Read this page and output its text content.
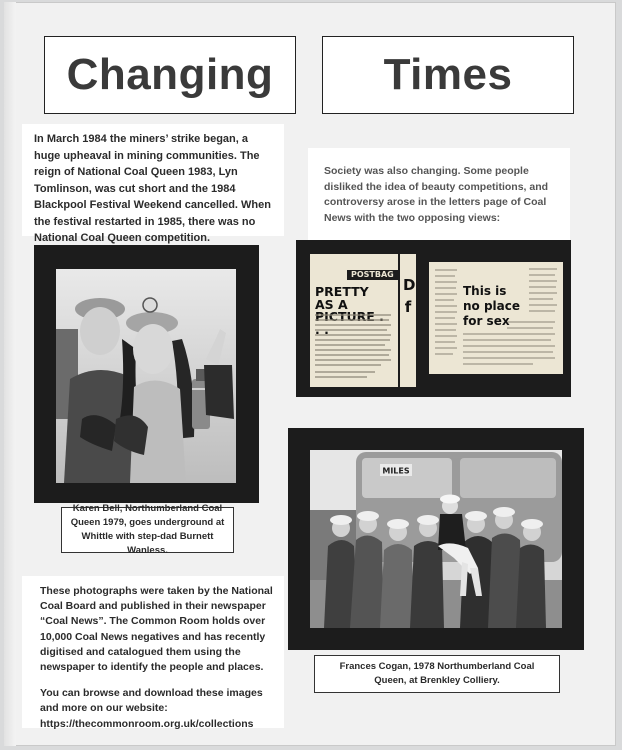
Changing	Times
In March 1984 the miners’ strike began, a huge upheaval in mining communities. The reign of National Coal Queen 1983, Lyn Tomlinson, was cut short and the 1984 Blackpool Festival Weekend cancelled. When the festival restarted in 1985, there was no National Coal Queen competition.
Society was also changing. Some people disliked the idea of beauty competitions, and controversy arose in the letters page of Coal News with the two opposing views:
Karen Bell, Northumberland Coal Queen 1979, goes underground at Whittle with step-dad Burnett Wanless.
POSTBAG
PRETTY AS A PICTURE . . .
D f
This is no place for sex
MILES
Frances Cogan, 1978 Northumberland Coal Queen, at Brenkley Colliery.
These photographs were taken by the National Coal Board and published in their newspaper “Coal News”. The Common Room holds over 10,000 Coal News negatives and has recently digitised and catalogued them using the newspaper to identify the people and places.
You can browse and download these images and more on our website:
https://thecommonroom.org.uk/collections
